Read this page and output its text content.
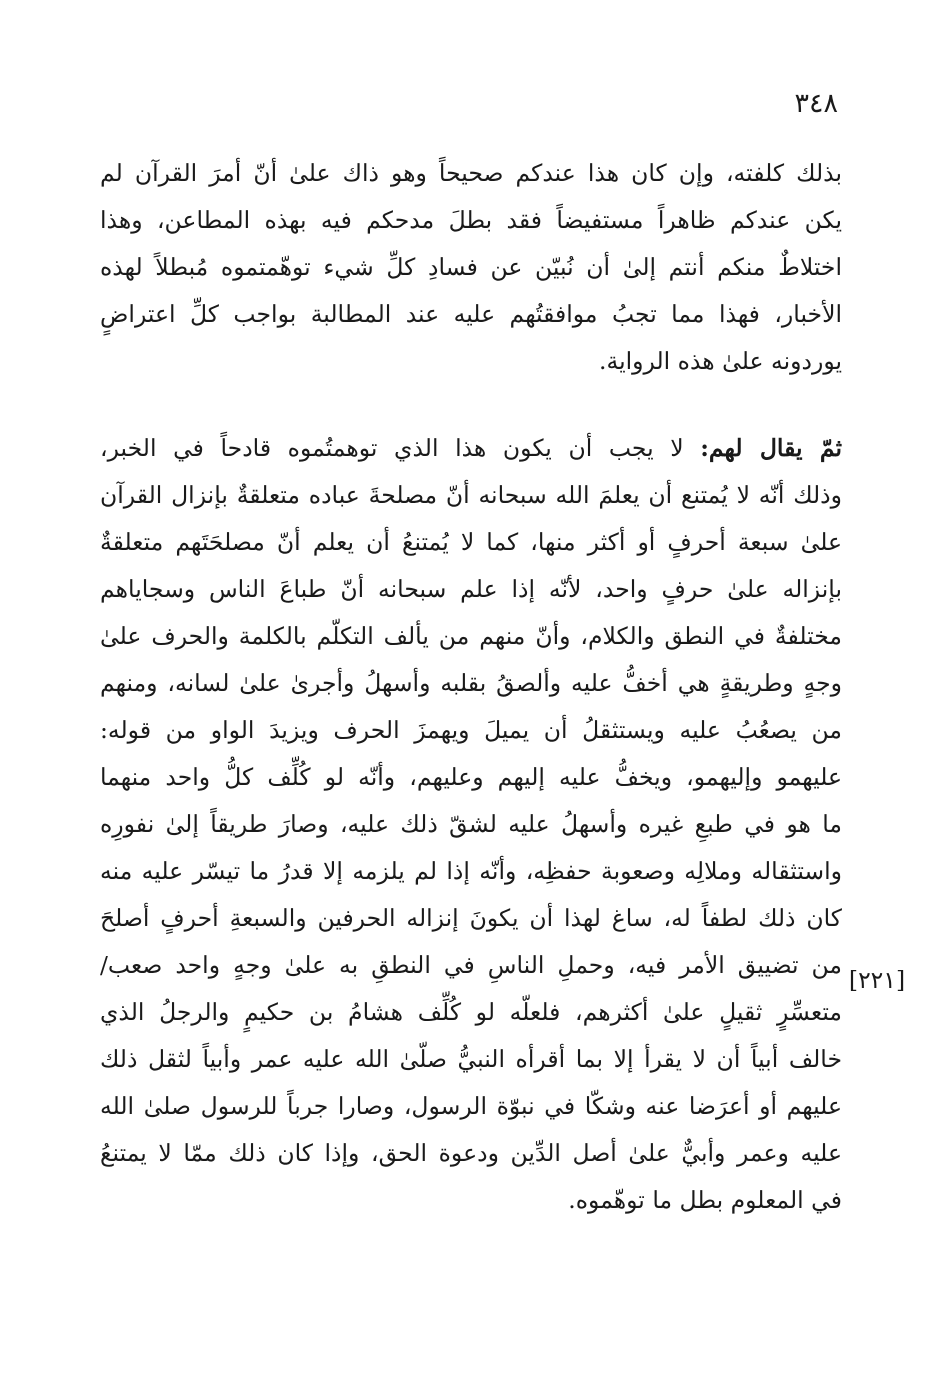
٣٤٨
بذلك كلفته، وإن كان هذا عندكم صحيحاً وهو ذاك علىٰ أنّ أمرَ القرآن لم
يكن عندكم ظاهراً مستفيضاً فقد بطلَ مدحكم فيه بهذه المطاعن، وهذا
اختلاطٌ منكم أنتم إلىٰ أن نُبيّن عن فسادِ كلِّ شيء توهّمتموه مُبطلاً لهذه
الأخبار، فهذا مما تجبُ موافقتُهم عليه عند المطالبة بواجب كلِّ اعتراضٍ
يوردونه علىٰ هذه الرواية.
ثمّ يقال لهم: لا يجب أن يكون هذا الذي توهمتُموه قادحاً في الخبر،
وذلك أنّه لا يُمتنع أن يعلمَ الله سبحانه أنّ مصلحةَ عباده متعلقةٌ بإنزال القرآن
علىٰ سبعة أحرفٍ أو أكثر منها، كما لا يُمتنعُ أن يعلم أنّ مصلحَتَهم متعلقةٌ
بإنزاله علىٰ حرفٍ واحد، لأنّه إذا علم سبحانه أنّ طباعَ الناس وسجاياهم
مختلفةٌ في النطق والكلام، وأنّ منهم من يألف التكلّم بالكلمة والحرف علىٰ
وجهٍ وطريقةٍ هي أخفُّ عليه وألصقُ بقلبه وأسهلُ وأجرىٰ علىٰ لسانه، ومنهم
من يصعُبُ عليه ويستثقلُ أن يميلَ ويهمزَ الحرف ويزيدَ الواو من قوله:
عليهمو وإليهمو، ويخفُّ عليه إليهم وعليهم، وأنّه لو كُلِّف كلُّ واحد منهما
ما هو في طبعِ غيره وأسهلُ عليه لشقّ ذلك عليه، وصارَ طريقاً إلىٰ نفورِه
واستثقاله وملالِه وصعوبة حفظِه، وأنّه إذا لم يلزمه إلا قدرُ ما تيسّر عليه منه
كان ذلك لطفاً له، ساغ لهذا أن يكونَ إنزاله الحرفين والسبعةِ أحرفٍ أصلحَ
من تضييق الأمر فيه، وحملِ الناسِ في النطقِ به علىٰ وجهٍ واحد صعب/
متعسِّرٍ ثقيلٍ علىٰ أكثرهم، فلعلّه لو كُلِّف هشامُ بن حكيمٍ والرجلُ الذي
خالف أبياً أن لا يقرأ إلا بما أقرأه النبيُّ صلّىٰ الله عليه عمر وأبياً لثقل ذلك
عليهم أو أعرَضا عنه وشكّا في نبوّة الرسول، وصارا جرباً للرسول صلىٰ الله
عليه وعمر وأبيٌّ علىٰ أصل الدِّين ودعوة الحق، وإذا كان ذلك ممّا لا يمتنعُ
في المعلوم بطل ما توهّموه.
[٢٢١]
